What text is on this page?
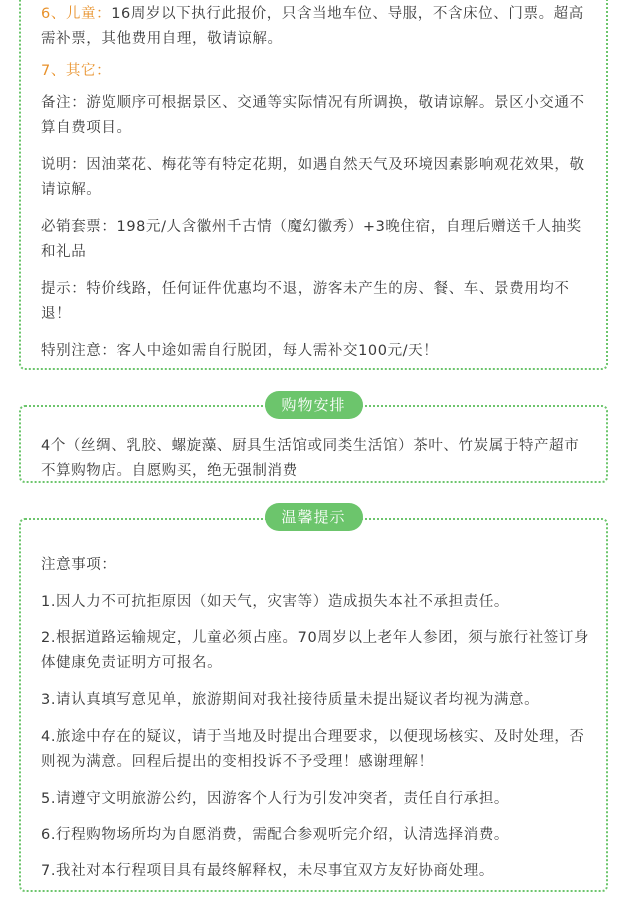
6、儿童：16周岁以下执行此报价，只含当地车位、导服，不含床位、门票。超高需补票，其他费用自理，敬请谅解。

7、其它：

备注：游览顺序可根据景区、交通等实际情况有所调换，敬请谅解。景区小交通不算自费项目。

说明：因油菜花、梅花等有特定花期，如遇自然天气及环境因素影响观花效果，敬请谅解。

必销套票：198元/人含徽州千古情（魔幻徽秀）+3晚住宿，自理后赠送千人抽奖和礼品

提示：特价线路，任何证件优惠均不退，游客未产生的房、餐、车、景费用均不退！

特别注意：客人中途如需自行脱团，每人需补交100元/天！

购物安排

4个（丝绸、乳胶、螺旋藻、厨具生活馆或同类生活馆）茶叶、竹炭属于特产超市不算购物店。自愿购买，绝无强制消费

温馨提示

注意事项：

1.因人力不可抗拒原因（如天气，灾害等）造成损失本社不承担责任。

2.根据道路运输规定，儿童必须占座。70周岁以上老年人参团，须与旅行社签订身体健康免责证明方可报名。

3.请认真填写意见单，旅游期间对我社接待质量未提出疑议者均视为满意。

4.旅途中存在的疑议，请于当地及时提出合理要求，以便现场核实、及时处理，否则视为满意。回程后提出的变相投诉不予受理！感谢理解！

5.请遵守文明旅游公约，因游客个人行为引发冲突者，责任自行承担。

6.行程购物场所均为自愿消费，需配合参观听完介绍，认清选择消费。

7.我社对本行程项目具有最终解释权，未尽事宜双方友好协商处理。
